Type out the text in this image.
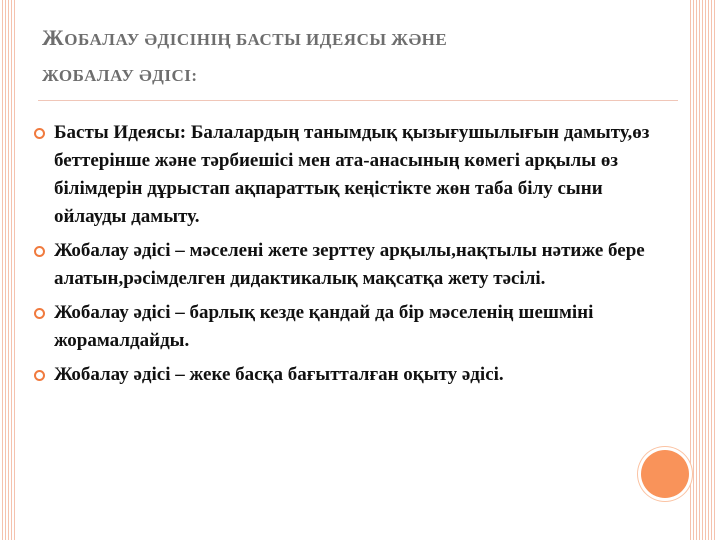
ЖОБАЛАУ ӘДІСІНІҢ БАСТЫ ИДЕЯСЫ ЖӘНЕ
ЖОБАЛАУ ӘДІСІ:
Басты Идеясы: Балалардың танымдық қызығушылығын дамыту,өз беттерінше және тәрбиешісі мен ата-анасының көмегі арқылы өз білімдерін дұрыстап ақпараттық кеңістікте жөн таба білу сыни ойлауды дамыту.
Жобалау әдісі – мәселені жете зерттеу арқылы,нақтылы нәтиже бере алатын,рәсімделген дидактикалық мақсатқа жету тәсілі.
Жобалау әдісі – барлық кезде қандай да бір мәселенің шешміні жорамалдайды.
Жобалау әдісі – жеке басқа бағытталған оқыту әдісі.
